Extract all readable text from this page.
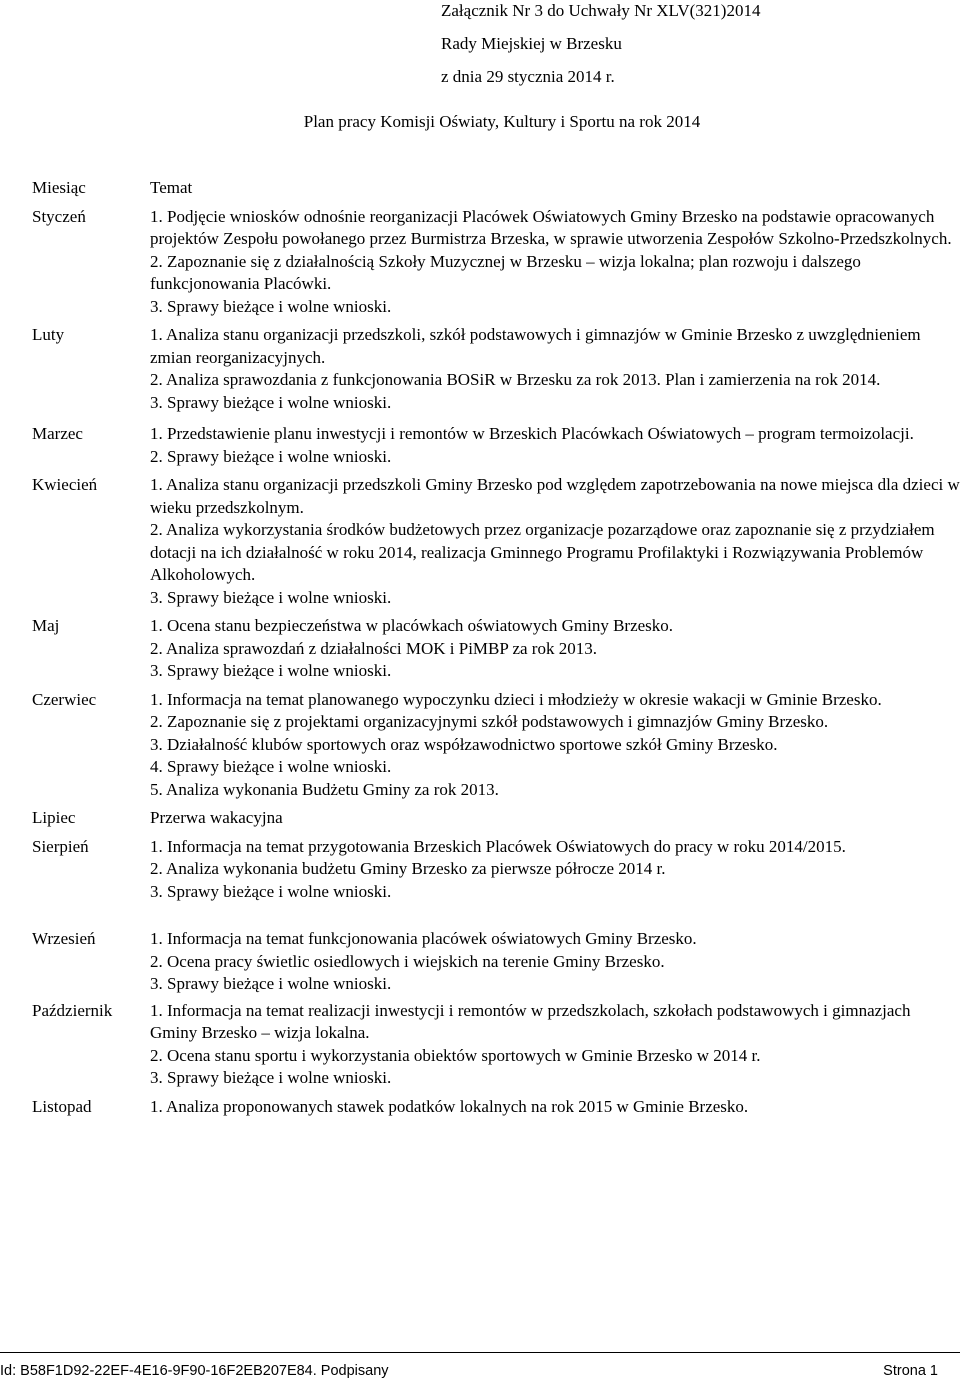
Załącznik Nr 3 do Uchwały Nr XLV(321)2014
Rady Miejskiej w Brzesku
z dnia 29 stycznia 2014 r.
Plan pracy Komisji Oświaty, Kultury i Sportu na rok 2014
Miesiąc	Temat
Styczeń	1. Podjęcie wniosków odnośnie reorganizacji Placówek Oświatowych Gminy Brzesko na podstawie opracowanych projektów Zespołu powołanego przez Burmistrza Brzeska, w sprawie utworzenia Zespołów Szkolno-Przedszkolnych.
2. Zapoznanie się z działalnością Szkoły Muzycznej w Brzesku – wizja lokalna; plan rozwoju i dalszego funkcjonowania Placówki.
3. Sprawy bieżące i wolne wnioski.

Luty	1. Analiza stanu organizacji przedszkoli, szkół podstawowych i gimnazjów w Gminie Brzesko z uwzględnieniem zmian reorganizacyjnych.
2. Analiza sprawozdania z funkcjonowania BOSiR w Brzesku za rok 2013. Plan i zamierzenia na rok 2014.
3. Sprawy bieżące i wolne wnioski.

Marzec	1. Przedstawienie planu inwestycji i remontów w Brzeskich Placówkach Oświatowych – program termoizolacji.
2. Sprawy bieżące i wolne wnioski.

Kwiecień	1. Analiza stanu organizacji przedszkoli Gminy Brzesko pod względem zapotrzebowania na nowe miejsca dla dzieci w wieku przedszkolnym.
2. Analiza wykorzystania środków budżetowych przez organizacje pozarządowe oraz zapoznanie się z przydziałem dotacji na ich działalność w roku 2014, realizacja Gminnego Programu Profilaktyki i Rozwiązywania Problemów Alkoholowych.
3. Sprawy bieżące i wolne wnioski.

Maj	1. Ocena stanu bezpieczeństwa w placówkach oświatowych Gminy Brzesko.
2. Analiza sprawozdań z działalności MOK i PiMBP za rok 2013.
3. Sprawy bieżące i wolne wnioski.

Czerwiec	1. Informacja na temat planowanego wypoczynku dzieci i młodzieży w okresie wakacji w Gminie Brzesko.
2. Zapoznanie się z projektami organizacyjnymi szkół podstawowych i gimnazjów Gminy Brzesko.
3. Działalność klubów sportowych oraz współzawodnictwo sportowe szkół Gminy Brzesko.
4. Sprawy bieżące i wolne wnioski.
5. Analiza wykonania Budżetu Gminy za rok 2013.

Lipiec	Przerwa wakacyjna

Sierpień	1. Informacja na temat przygotowania Brzeskich Placówek Oświatowych do pracy w roku 2014/2015.
2. Analiza wykonania budżetu Gminy Brzesko za pierwsze półrocze 2014 r.
3. Sprawy bieżące i wolne wnioski.

Wrzesień	1. Informacja na temat funkcjonowania placówek oświatowych Gminy Brzesko.
2. Ocena pracy świetlic osiedlowych i wiejskich na terenie Gminy Brzesko.
3. Sprawy bieżące i wolne wnioski.

Październik	1. Informacja na temat realizacji inwestycji i remontów w przedszkolach, szkołach podstawowych i gimnazjach Gminy Brzesko – wizja lokalna.
2. Ocena stanu sportu i wykorzystania obiektów sportowych w Gminie Brzesko w 2014 r.
3. Sprawy bieżące i wolne wnioski.

Listopad	1. Analiza proponowanych stawek podatków lokalnych na rok 2015 w Gminie Brzesko.
Id: B58F1D92-22EF-4E16-9F90-16F2EB207E84. Podpisany	Strona 1
